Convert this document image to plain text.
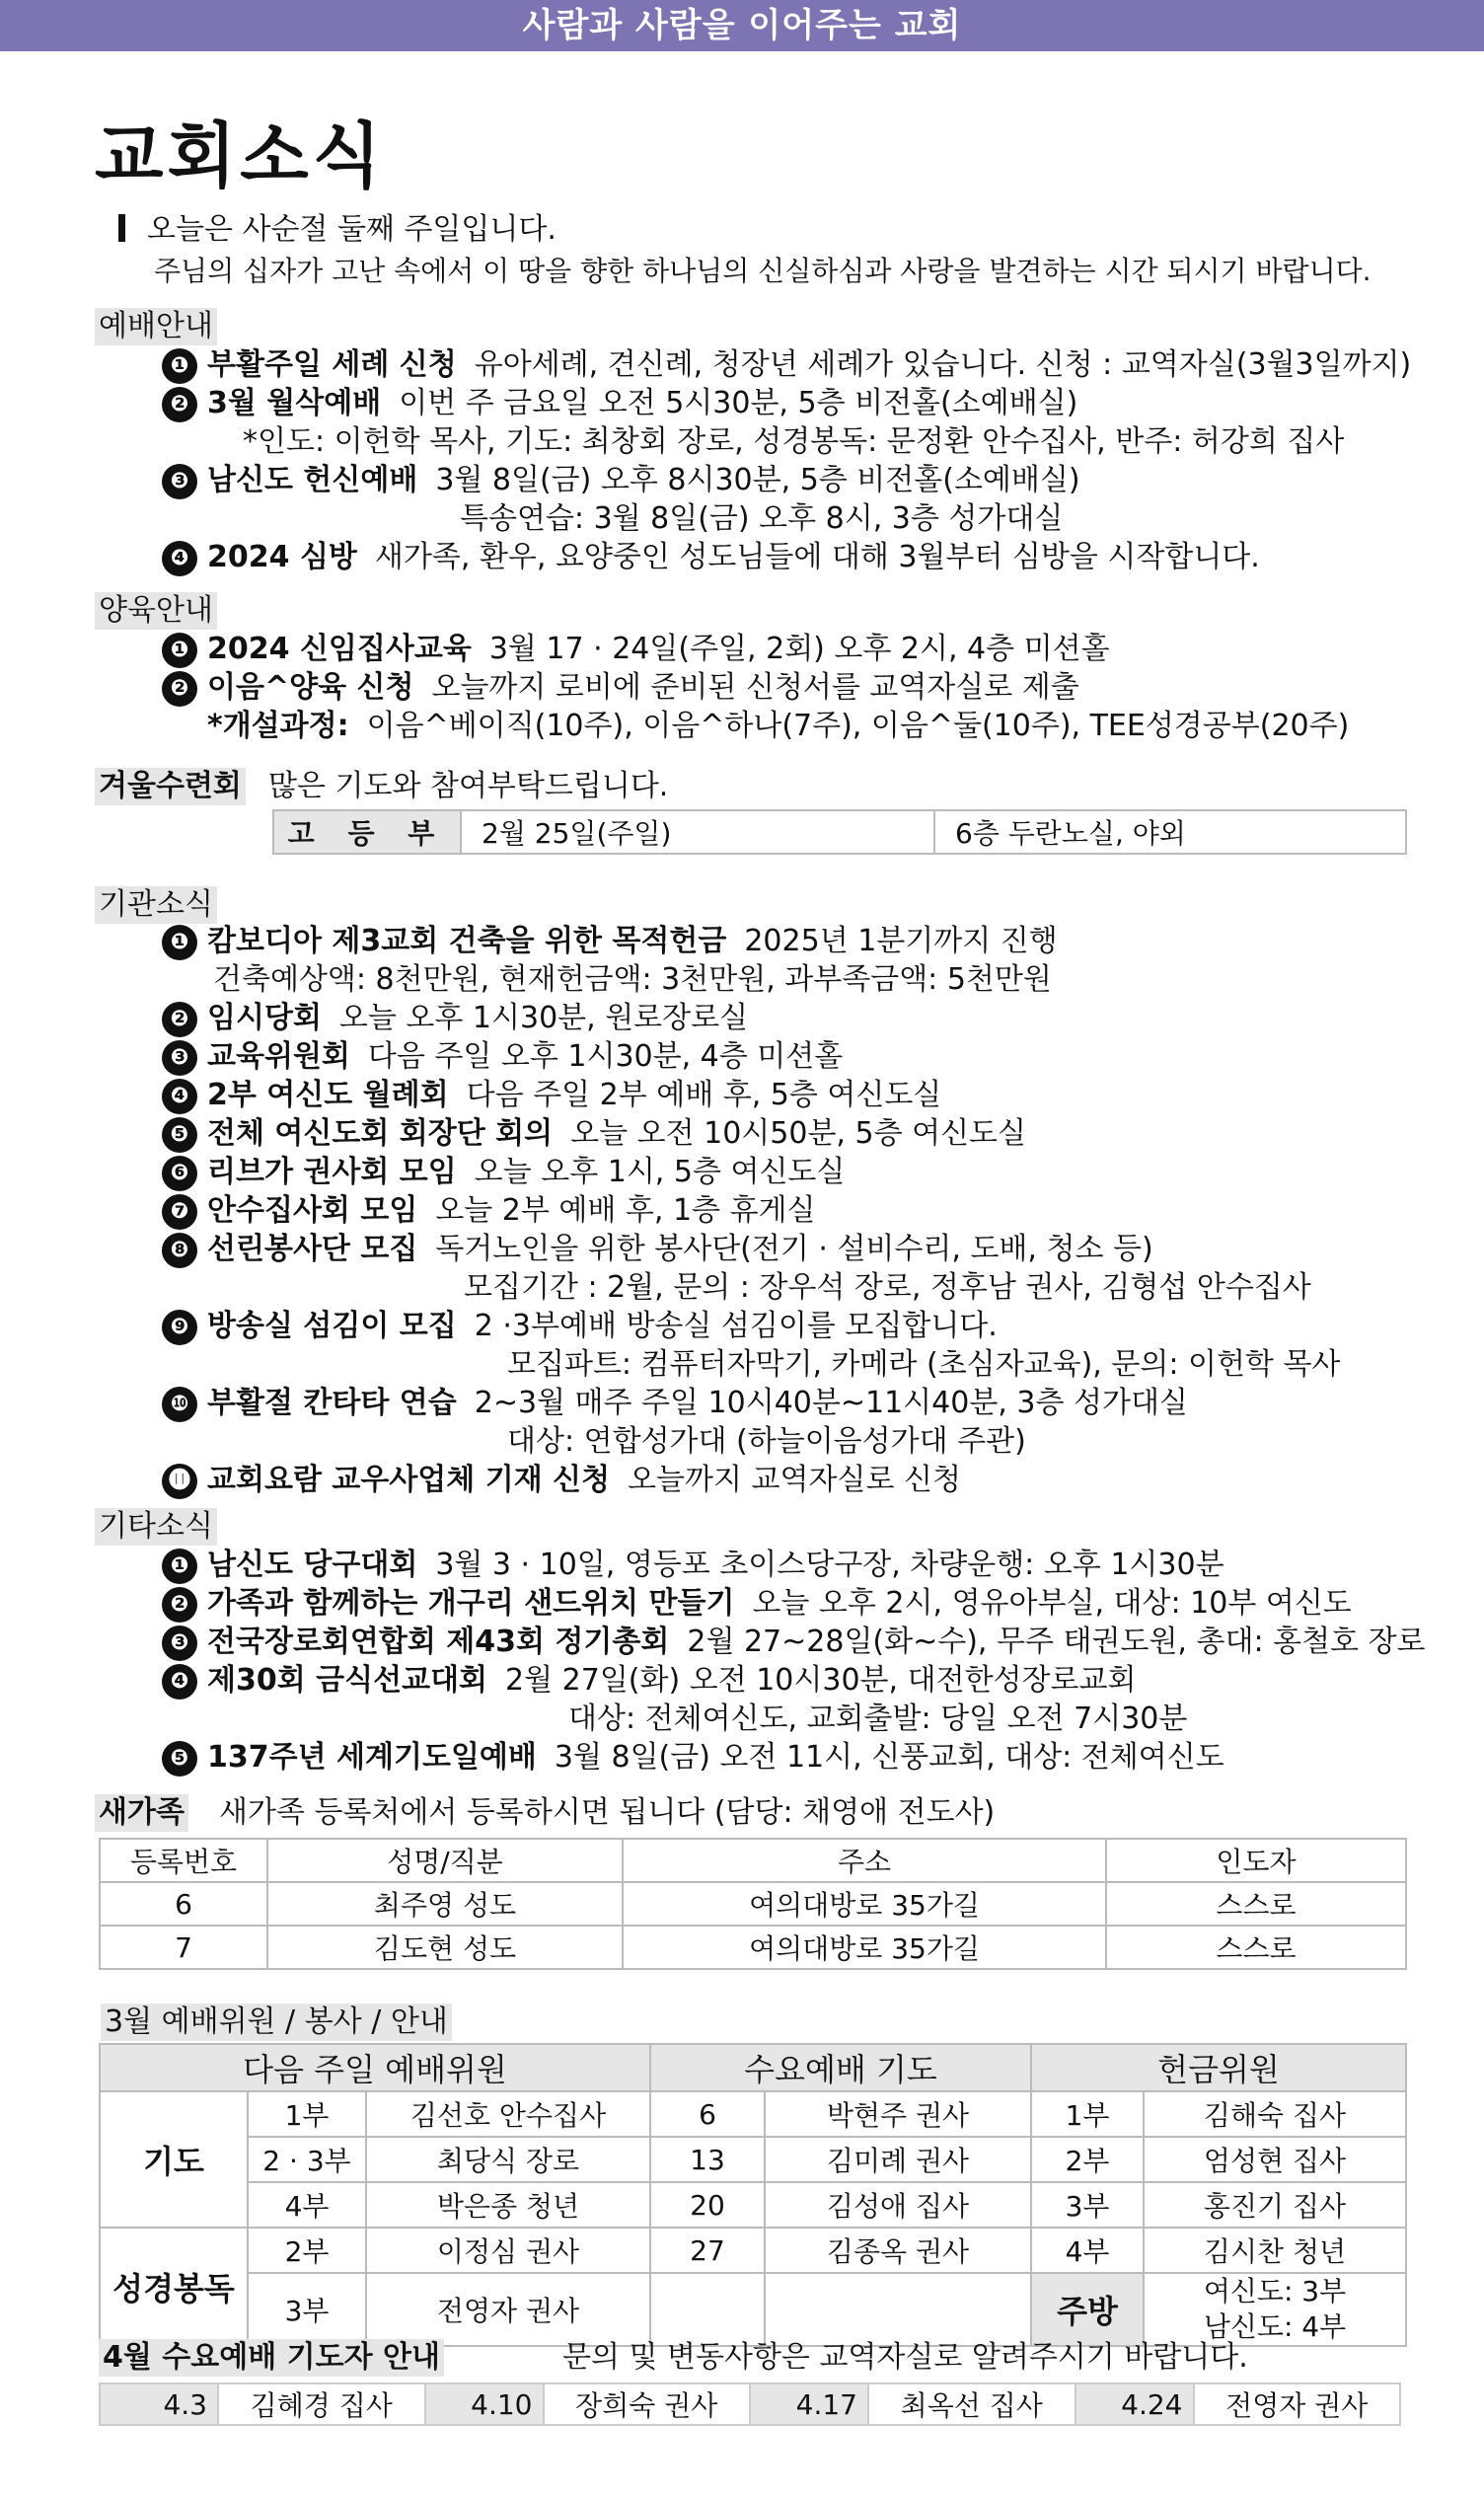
사람과 사람을 이어주는 교회
교회소식
오늘은 사순절 둘째 주일입니다.
주님의 십자가 고난 속에서 이 땅을 향한 하나님의 신실하심과 사랑을 발견하는 시간 되시기 바랍니다.
예배안내
❶ 부활주일 세례 신청 유아세례, 견신례, 청장년 세례가 있습니다. 신청 : 교역자실(3월3일까지)
❷ 3월 월삭예배 이번 주 금요일 오전 5시30분, 5층 비전홀(소예배실)
*인도: 이헌학 목사, 기도: 최창회 장로, 성경봉독: 문정환 안수집사, 반주: 허강희 집사
❸ 남신도 헌신예배 3월 8일(금) 오후 8시30분, 5층 비전홀(소예배실)
특송연습: 3월 8일(금) 오후 8시, 3층 성가대실
❹ 2024 심방 새가족, 환우, 요양중인 성도님들에 대해 3월부터 심방을 시작합니다.
양육안내
❶ 2024 신임집사교육 3월 17 · 24일(주일, 2회) 오후 2시, 4층 미션홀
❷ 이음^양육 신청 오늘까지 로비에 준비된 신청서를 교역자실로 제출
*개설과정: 이음^베이직(10주), 이음^하나(7주), 이음^둘(10주), TEE성경공부(20주)
겨울수련회 많은 기도와 참여부탁드립니다.
고 등 부	2월 25일(주일)	6층 두란노실, 야외
기관소식
❶ 캄보디아 제3교회 건축을 위한 목적헌금 2025년 1분기까지 진행
건축예상액: 8천만원, 현재헌금액: 3천만원, 과부족금액: 5천만원
❷ 임시당회 오늘 오후 1시30분, 원로장로실
❸ 교육위원회 다음 주일 오후 1시30분, 4층 미션홀
❹ 2부 여신도 월례회 다음 주일 2부 예배 후, 5층 여신도실
❺ 전체 여신도회 회장단 회의 오늘 오전 10시50분, 5층 여신도실
❻ 리브가 권사회 모임 오늘 오후 1시, 5층 여신도실
❼ 안수집사회 모임 오늘 2부 예배 후, 1층 휴게실
❽ 선린봉사단 모집 독거노인을 위한 봉사단(전기 · 설비수리, 도배, 청소 등)
모집기간 : 2월, 문의 : 장우석 장로, 정후남 권사, 김형섭 안수집사
❾ 방송실 섬김이 모집 2 ·3부예배 방송실 섬김이를 모집합니다.
모집파트: 컴퓨터자막기, 카메라 (초심자교육), 문의: 이헌학 목사
❿ 부활절 칸타타 연습 2~3월 매주 주일 10시40분~11시40분, 3층 성가대실
대상: 연합성가대 (하늘이음성가대 주관)
⓫ 교회요람 교우사업체 기재 신청 오늘까지 교역자실로 신청
기타소식
❶ 남신도 당구대회 3월 3 · 10일, 영등포 초이스당구장, 차량운행: 오후 1시30분
❷ 가족과 함께하는 개구리 샌드위치 만들기 오늘 오후 2시, 영유아부실, 대상: 10부 여신도
❸ 전국장로회연합회 제43회 정기총회 2월 27~28일(화~수), 무주 태권도원, 총대: 홍철호 장로
❹ 제30회 금식선교대회 2월 27일(화) 오전 10시30분, 대전한성장로교회
대상: 전체여신도, 교회출발: 당일 오전 7시30분
❺ 137주년 세계기도일예배 3월 8일(금) 오전 11시, 신풍교회, 대상: 전체여신도
새가족 새가족 등록처에서 등록하시면 됩니다 (담당: 채영애 전도사)
등록번호	성명/직분	주소	인도자
6	최주영 성도	여의대방로 35가길	스스로
7	김도현 성도	여의대방로 35가길	스스로
3월 예배위원 / 봉사 / 안내
다음 주일 예배위원			수요예배 기도		헌금위원	
기도	1부	김선호 안수집사	6	박현주 권사	1부	김해숙 집사
	2 · 3부	최당식 장로	13	김미례 권사	2부	엄성현 집사
	4부	박은종 청년	20	김성애 집사	3부	홍진기 집사
성경봉독	2부	이정심 권사	27	김종옥 권사	4부	김시찬 청년
	3부	전영자 권사			주방	여신도: 3부
남신도: 4부
4월 수요예배 기도자 안내	문의 및 변동사항은 교역자실로 알려주시기 바랍니다.
4.3	김혜경 집사	4.10	장희숙 권사	4.17	최옥선 집사	4.24	전영자 권사
